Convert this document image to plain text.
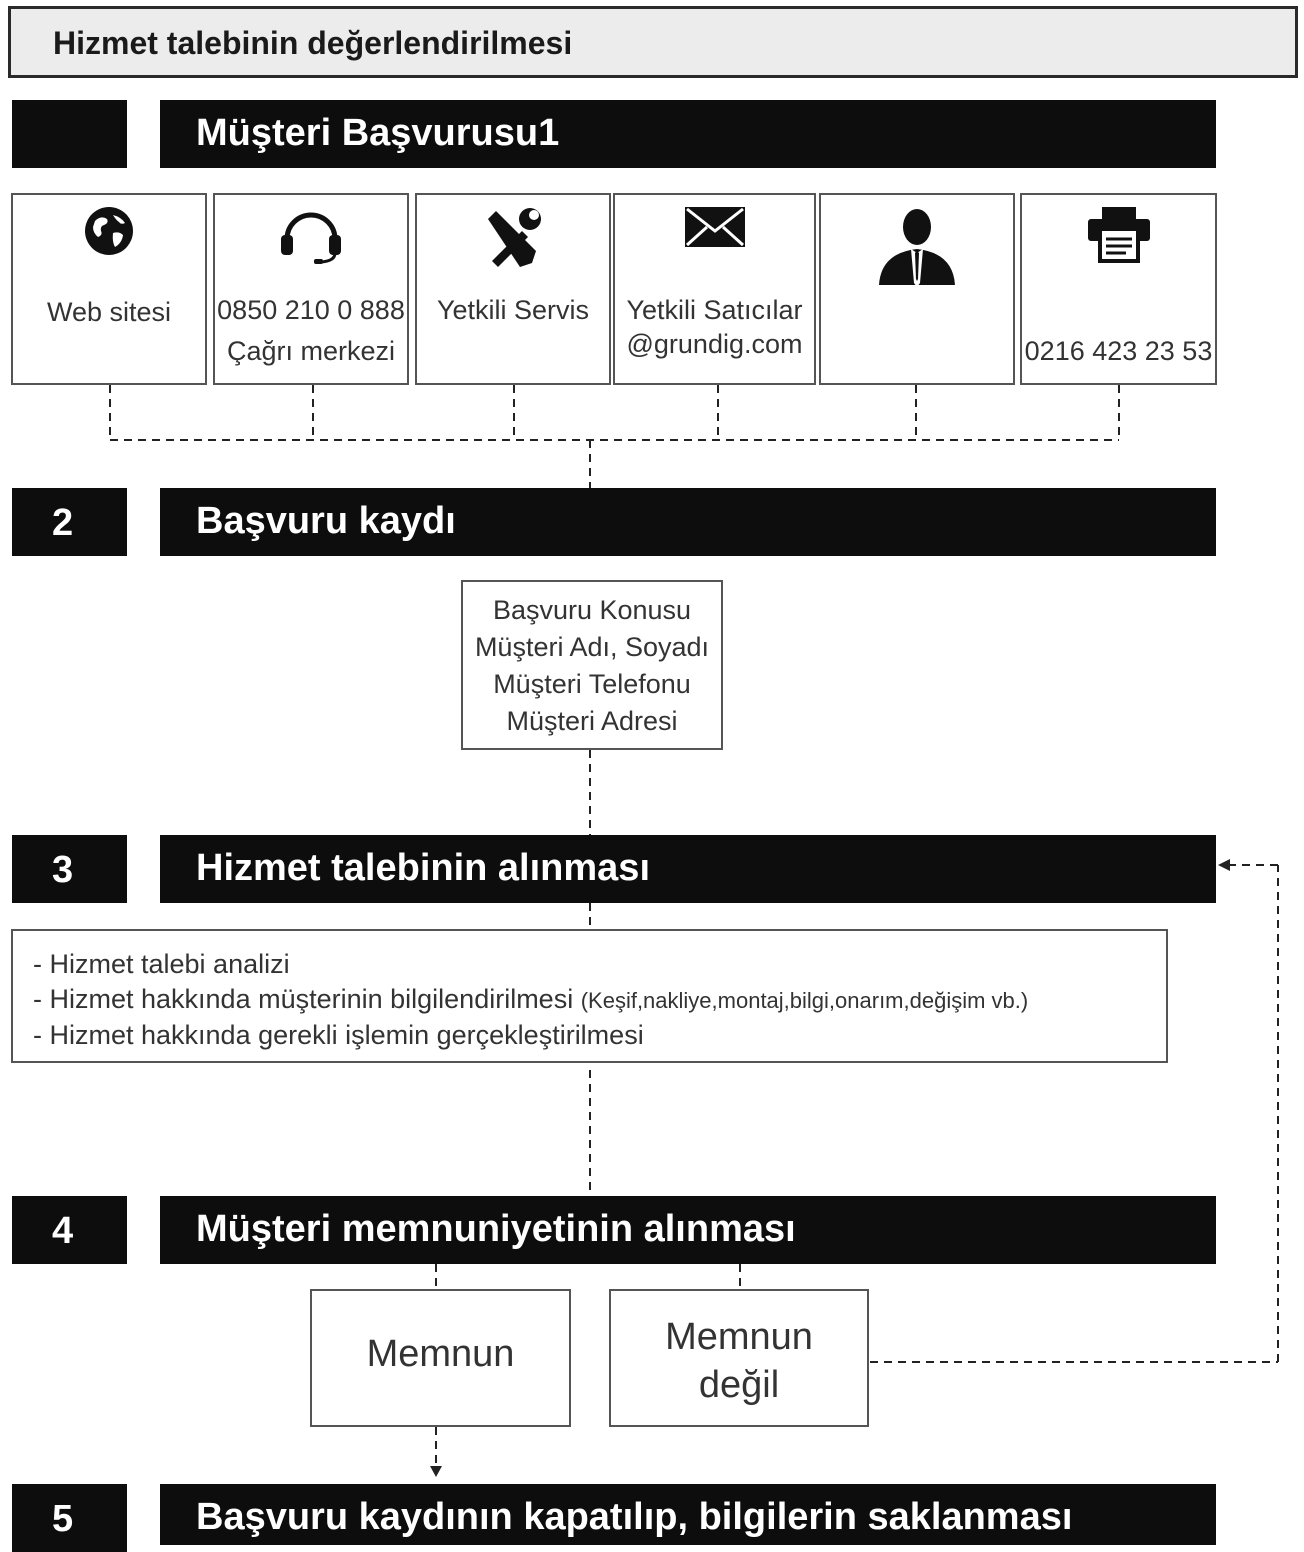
Hizmet talebinin değerlendirilmesi
Müşteri Başvurusu1
Web sitesi	0850 210 0 888
Çağrı merkezi
Yetkili Servis	Yetkili Satıcılar
@grundig.com	0216 423 23 53
2	Başvuru kaydı
Başvuru Konusu
Müşteri Adı, Soyadı
Müşteri Telefonu
Müşteri Adresi
3	Hizmet talebinin alınması
- Hizmet talebi analizi
- Hizmet hakkında müşterinin bilgilendirilmesi (Keşif,nakliye,montaj,bilgi,onarım,değişim vb.)
- Hizmet hakkında gerekli işlemin gerçekleştirilmesi
4	Müşteri memnuniyetinin alınması
Memnun	Memnun
değil
5	Başvuru kaydının kapatılıp, bilgilerin saklanması
